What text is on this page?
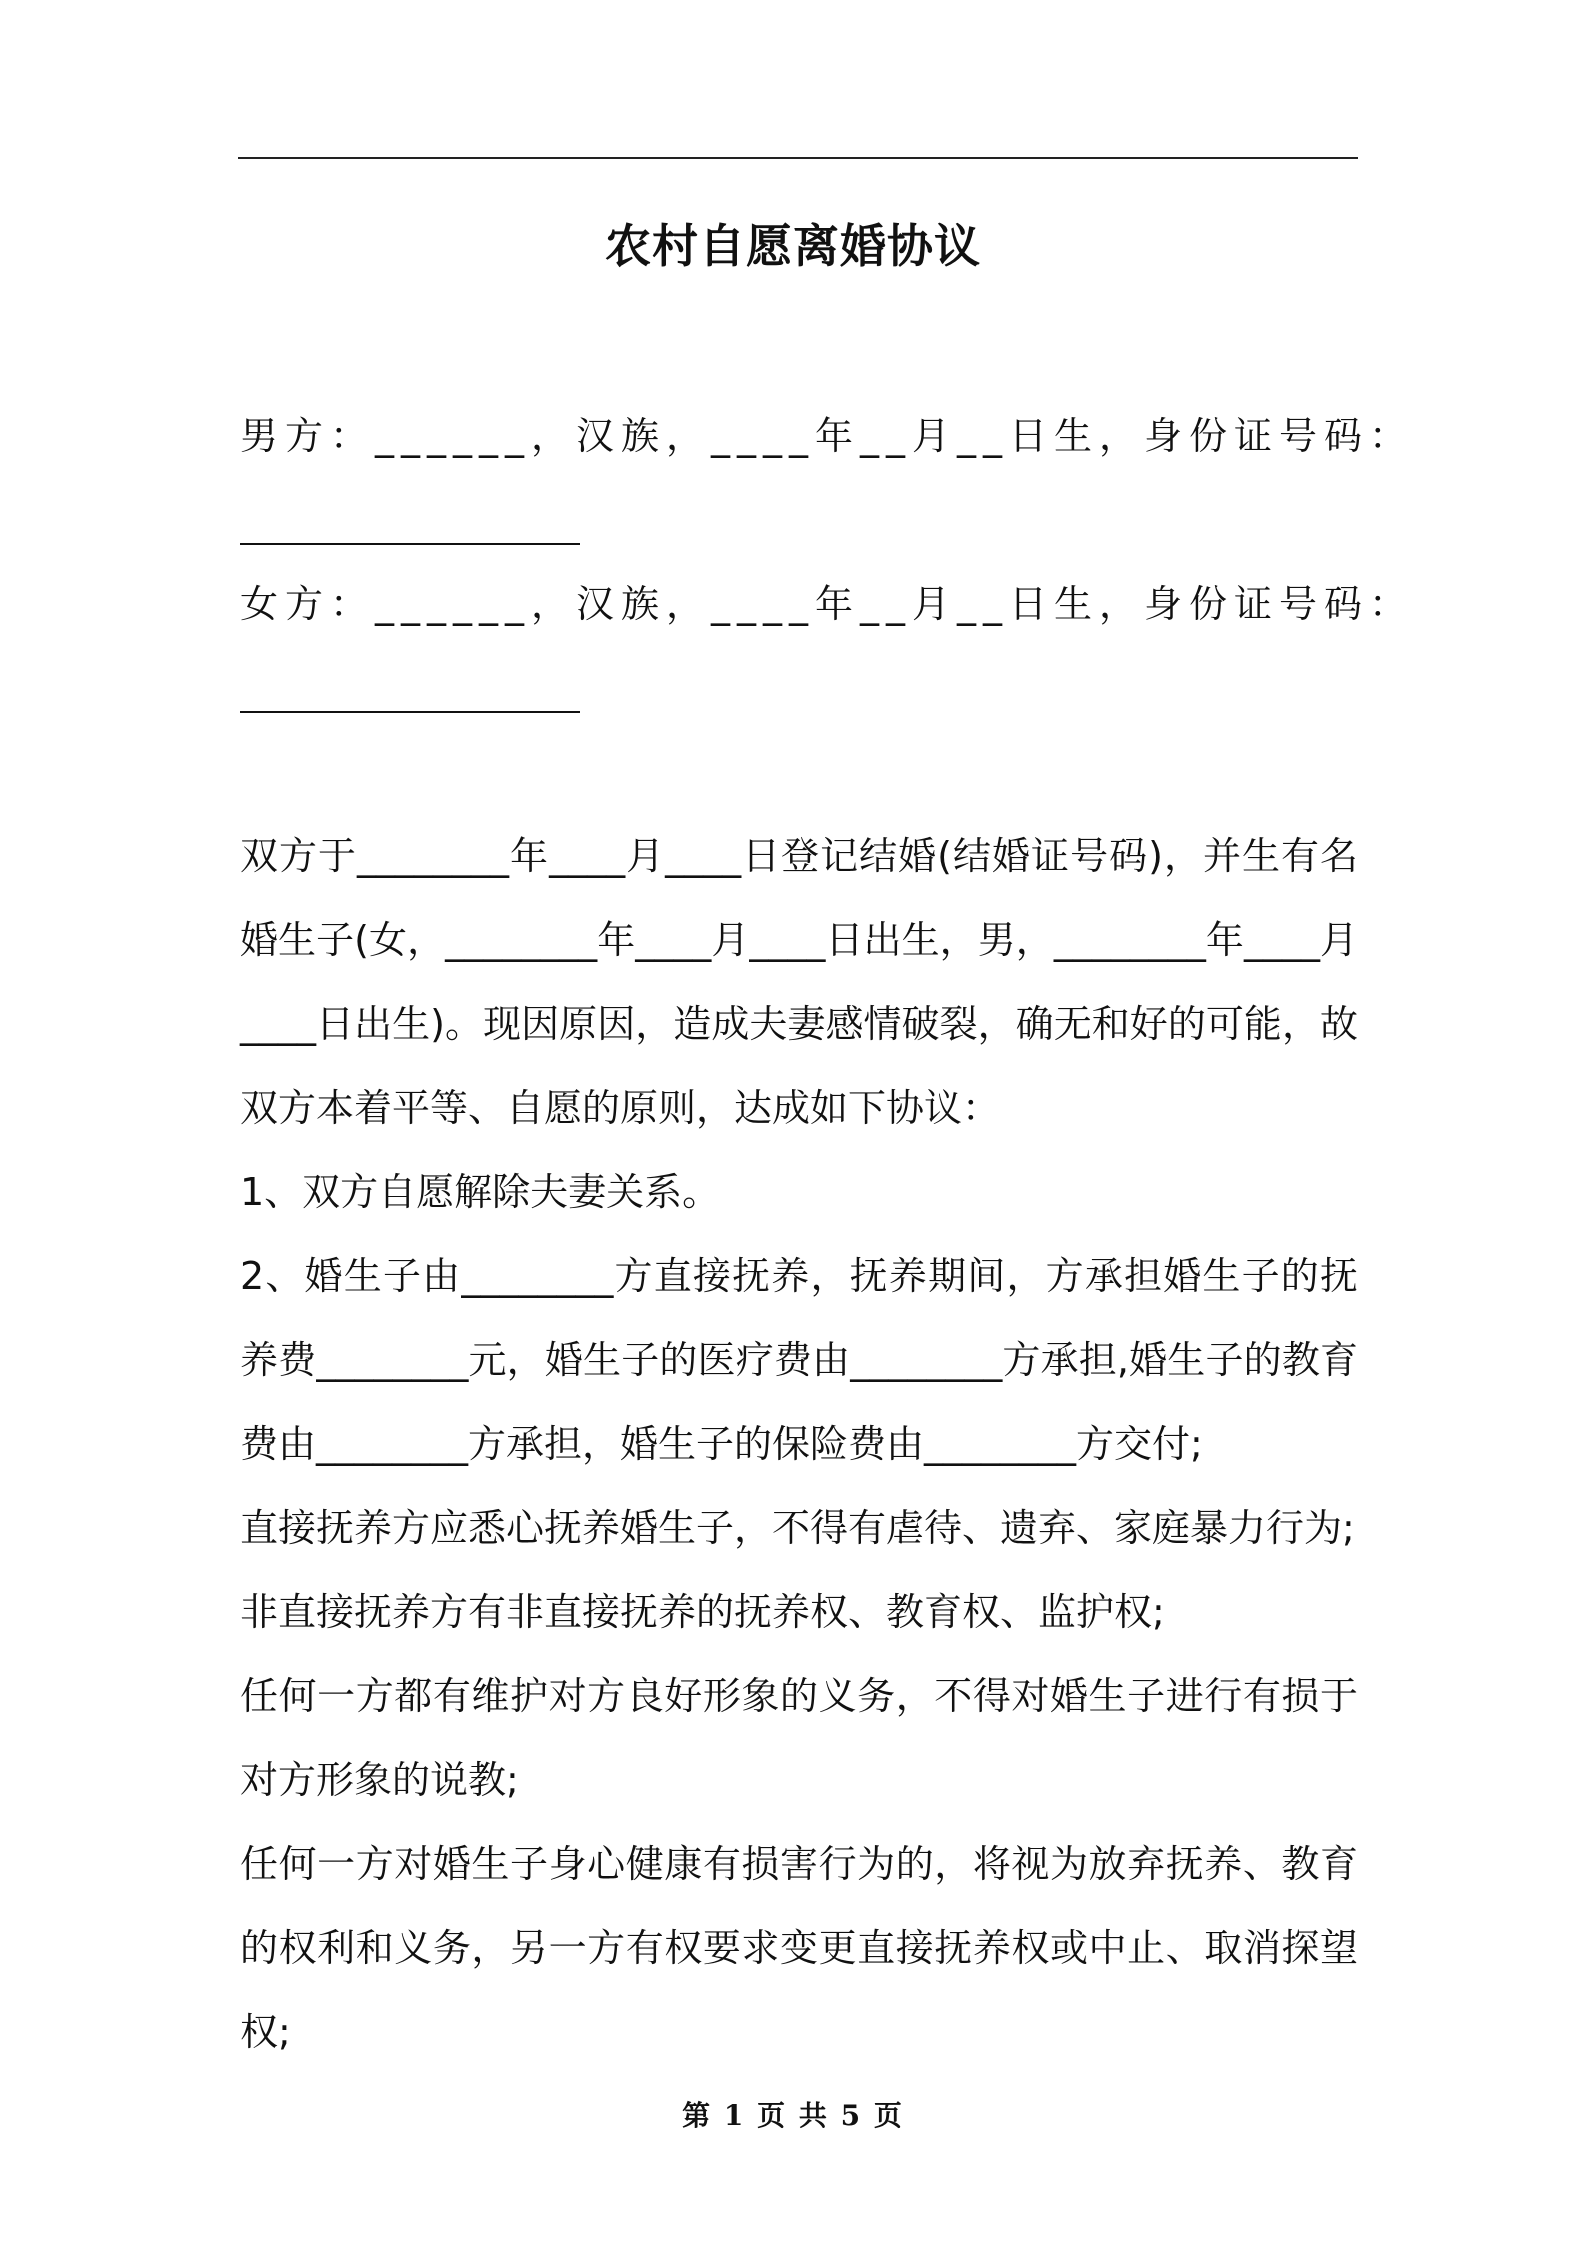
农村自愿离婚协议
男方：______，汉族，____年__月__日生，身份证号码：
女方：______，汉族，____年__月__日生，身份证号码：

双方于________年____月____日登记结婚(结婚证号码)，并生有名婚生子(女，________年____月____日出生，男，________年____月____日出生)。现因原因，造成夫妻感情破裂，确无和好的可能，故双方本着平等、自愿的原则，达成如下协议：

1、双方自愿解除夫妻关系。

2、婚生子由________方直接抚养，抚养期间，方承担婚生子的抚养费________元，婚生子的医疗费由________方承担,婚生子的教育费由________方承担，婚生子的保险费由________方交付;

直接抚养方应悉心抚养婚生子，不得有虐待、遗弃、家庭暴力行为;

非直接抚养方有非直接抚养的抚养权、教育权、监护权;

任何一方都有维护对方良好形象的义务，不得对婚生子进行有损于对方形象的说教;

任何一方对婚生子身心健康有损害行为的，将视为放弃抚养、教育的权利和义务，另一方有权要求变更直接抚养权或中止、取消探望权;

第 1 页 共 5 页
